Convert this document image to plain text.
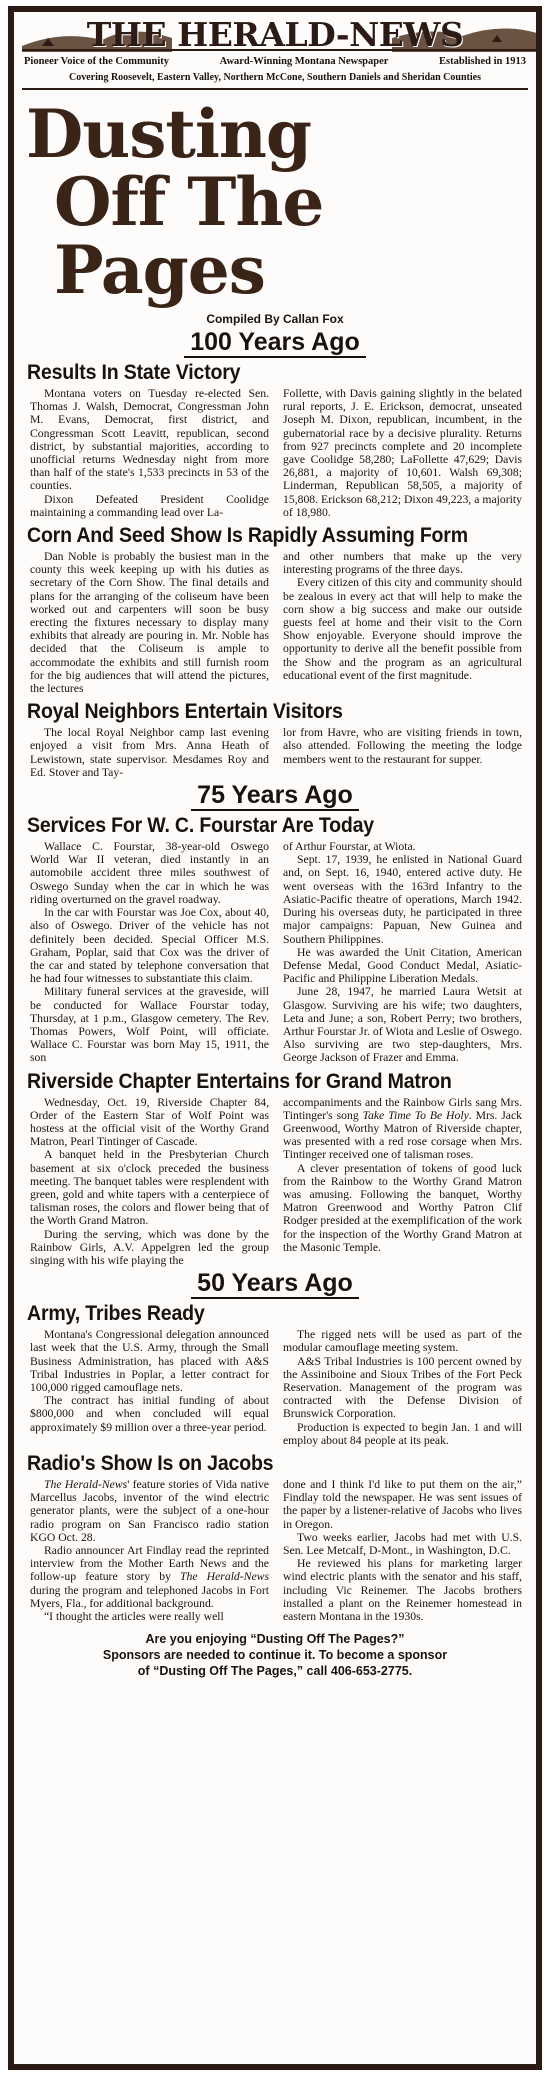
THE HERALD-NEWS
Pioneer Voice of the Community	Award-Winning Montana Newspaper	Established in 1913
Covering Roosevelt, Eastern Valley, Northern McCone, Southern Daniels and Sheridan Counties
Dusting
Off The Pages
Compiled By Callan Fox
100 Years Ago
Results In State Victory

Montana voters on Tuesday re-elected Sen. Thomas J. Walsh, Democrat, Congressman John M. Evans, Democrat, first district, and Congressman Scott Leavitt, republican, second district, by substantial majorities, according to unofficial returns Wednesday night from more than half of the state's 1,533 precincts in 53 of the counties.

Dixon Defeated President Coolidge maintaining a commanding lead over La-

Follette, with Davis gaining slightly in the belated rural reports, J. E. Erickson, democrat, unseated Joseph M. Dixon, republican, incumbent, in the gubernatorial race by a decisive plurality. Returns from 927 precincts complete and 20 incomplete gave Coolidge 58,280; LaFollette 47,629; Davis 26,881, a majority of 10,601. Walsh 69,308; Linderman, Republican 58,505, a majority of 15,808. Erickson 68,212; Dixon 49,223, a majority of 18,980.

Corn And Seed Show Is Rapidly Assuming Form

Dan Noble is probably the busiest man in the county this week keeping up with his duties as secretary of the Corn Show. The final details and plans for the arranging of the coliseum have been worked out and carpenters will soon be busy erecting the fixtures necessary to display many exhibits that already are pouring in. Mr. Noble has decided that the Coliseum is ample to accommodate the exhibits and still furnish room for the big audiences that will attend the pictures, the lectures

and other numbers that make up the very interesting programs of the three days.

Every citizen of this city and community should be zealous in every act that will help to make the corn show a big success and make our outside guests feel at home and their visit to the Corn Show enjoyable. Everyone should improve the opportunity to derive all the benefit possible from the Show and the program as an agricultural educational event of the first magnitude.

Royal Neighbors Entertain Visitors

The local Royal Neighbor camp last evening enjoyed a visit from Mrs. Anna Heath of Lewistown, state supervisor. Mesdames Roy and Ed. Stover and Tay-

lor from Havre, who are visiting friends in town, also attended. Following the meeting the lodge members went to the restaurant for supper.

75 Years Ago
Services For W. C. Fourstar Are Today

Wallace C. Fourstar, 38-year-old Oswego World War II veteran, died instantly in an automobile accident three miles southwest of Oswego Sunday when the car in which he was riding overturned on the gravel roadway.

In the car with Fourstar was Joe Cox, about 40, also of Oswego. Driver of the vehicle has not definitely been decided. Special Officer M.S. Graham, Poplar, said that Cox was the driver of the car and stated by telephone conversation that he had four witnesses to substantiate this claim.

Military funeral services at the graveside, will be conducted for Wallace Fourstar today, Thursday, at 1 p.m., Glasgow cemetery. The Rev. Thomas Powers, Wolf Point, will officiate. Wallace C. Fourstar was born May 15, 1911, the son

of Arthur Fourstar, at Wiota.

Sept. 17, 1939, he enlisted in National Guard and, on Sept. 16, 1940, entered active duty. He went overseas with the 163rd Infantry to the Asiatic-Pacific theatre of operations, March 1942. During his overseas duty, he participated in three major campaigns: Papuan, New Guinea and Southern Philippines.

He was awarded the Unit Citation, American Defense Medal, Good Conduct Medal, Asiatic-Pacific and Philippine Liberation Medals.

June 28, 1947, he married Laura Wetsit at Glasgow. Surviving are his wife; two daughters, Leta and June; a son, Robert Perry; two brothers, Arthur Fourstar Jr. of Wiota and Leslie of Oswego. Also surviving are two step-daughters, Mrs. George Jackson of Frazer and Emma.

Riverside Chapter Entertains for Grand Matron

Wednesday, Oct. 19, Riverside Chapter 84, Order of the Eastern Star of Wolf Point was hostess at the official visit of the Worthy Grand Matron, Pearl Tintinger of Cascade.

A banquet held in the Presbyterian Church basement at six o'clock preceded the business meeting. The banquet tables were resplendent with green, gold and white tapers with a centerpiece of talisman roses, the colors and flower being that of the Worth Grand Matron.

During the serving, which was done by the Rainbow Girls, A.V. Appelgren led the group singing with his wife playing the

accompaniments and the Rainbow Girls sang Mrs. Tintinger's song Take Time To Be Holy. Mrs. Jack Greenwood, Worthy Matron of Riverside chapter, was presented with a red rose corsage when Mrs. Tintinger received one of talisman roses.

A clever presentation of tokens of good luck from the Rainbow to the Worthy Grand Matron was amusing. Following the banquet, Worthy Matron Greenwood and Worthy Patron Clif Rodger presided at the exemplification of the work for the inspection of the Worthy Grand Matron at the Masonic Temple.

50 Years Ago
Army, Tribes Ready

Montana's Congressional delegation announced last week that the U.S. Army, through the Small Business Administration, has placed with A&S Tribal Industries in Poplar, a letter contract for 100,000 rigged camouflage nets.

The contract has initial funding of about $800,000 and when concluded will equal approximately $9 million over a three-year period.

The rigged nets will be used as part of the modular camouflage meeting system.

A&S Tribal Industries is 100 percent owned by the Assiniboine and Sioux Tribes of the Fort Peck Reservation. Management of the program was contracted with the Defense Division of Brunswick Corporation.

Production is expected to begin Jan. 1 and will employ about 84 people at its peak.

Radio's Show Is on Jacobs

The Herald-News' feature stories of Vida native Marcellus Jacobs, inventor of the wind electric generator plants, were the subject of a one-hour radio program on San Francisco radio station KGO Oct. 28.

Radio announcer Art Findlay read the reprinted interview from the Mother Earth News and the follow-up feature story by The Herald-News during the program and telephoned Jacobs in Fort Myers, Fla., for additional background.

“I thought the articles were really well

done and I think I'd like to put them on the air,” Findlay told the newspaper. He was sent issues of the paper by a listener-relative of Jacobs who lives in Oregon.

Two weeks earlier, Jacobs had met with U.S. Sen. Lee Metcalf, D-Mont., in Washington, D.C.

He reviewed his plans for marketing larger wind electric plants with the senator and his staff, including Vic Reinemer. The Jacobs brothers installed a plant on the Reinemer homestead in eastern Montana in the 1930s.

Are you enjoying “Dusting Off The Pages?”
Sponsors are needed to continue it. To become a sponsor
of “Dusting Off The Pages,” call 406-653-2775.
